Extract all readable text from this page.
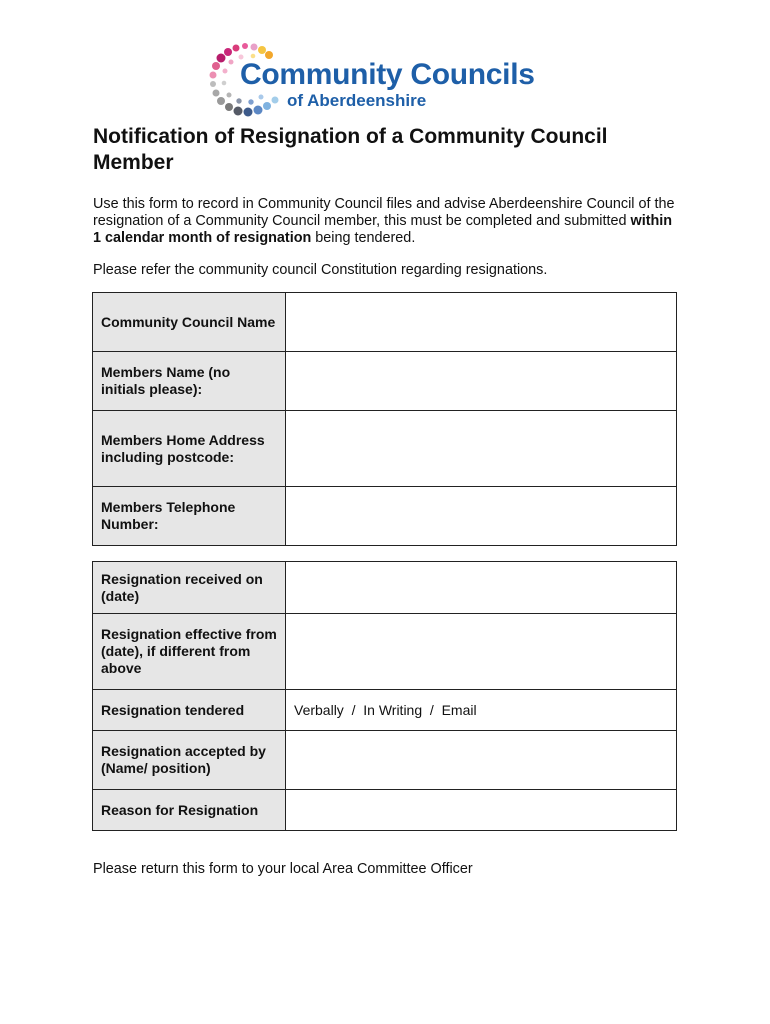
Community Councils
of Aberdeenshire
Notification of Resignation of a Community Council Member

Use this form to record in Community Council files and advise Aberdeenshire Council of the resignation of a Community Council member, this must be completed and submitted within 1 calendar month of resignation being tendered.

Please refer the community council Constitution regarding resignations.

Community Council Name	
Members Name (no initials please):	
Members Home Address including postcode:	
Members Telephone Number:	
Resignation received on (date)	
Resignation effective from (date), if different from above	
Resignation tendered	Verbally  /  In Writing  /  Email
Resignation accepted by (Name/ position)	
Reason for Resignation	

Please return this form to your local Area Committee Officer
